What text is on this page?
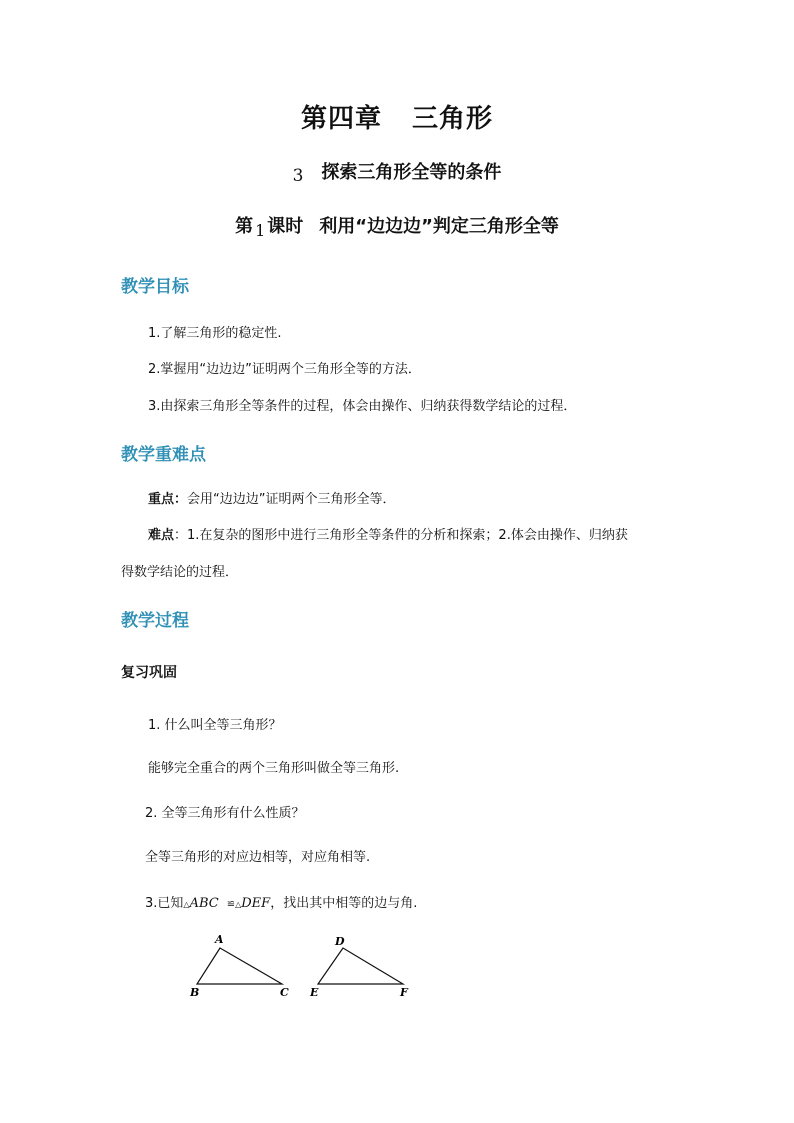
第四章 三角形
3 探索三角形全等的条件
第 1 课时 利用“边边边”判定三角形全等
教学目标
1.了解三角形的稳定性.
2.掌握用“边边边”证明两个三角形全等的方法．
3.由探索三角形全等条件的过程，体会由操作、归纳获得数学结论的过程．
教学重难点
重点：会用“边边边”证明两个三角形全等．
难点：1.在复杂的图形中进行三角形全等条件的分析和探索；2.体会由操作、归纳获
得数学结论的过程．
教学过程
复习巩固
1. 什么叫全等三角形？
能够完全重合的两个三角形叫做全等三角形.
2. 全等三角形有什么性质？
全等三角形的对应边相等，对应角相等.
3.已知△ABC ≌△DEF，找出其中相等的边与角.
A
B	C
D
E	F
